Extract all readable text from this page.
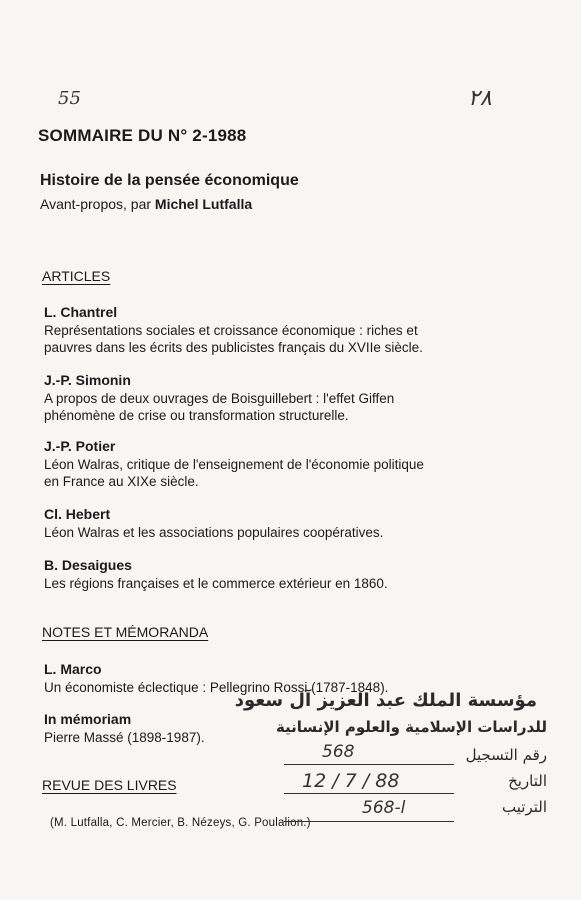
55	٢٨
SOMMAIRE DU N° 2-1988
Histoire de la pensée économique
Avant-propos, par Michel Lutfalla
ARTICLES
L. Chantrel
Représentations sociales et croissance économique : riches et
pauvres dans les écrits des publicistes français du XVIIe siècle.
J.-P. Simonin
A propos de deux ouvrages de Boisguillebert : l'effet Giffen
phénomène de crise ou transformation structurelle.
J.-P. Potier
Léon Walras, critique de l'enseignement de l'économie politique
en France au XIXe siècle.
Cl. Hebert
Léon Walras et les associations populaires coopératives.
B. Desaigues
Les régions françaises et le commerce extérieur en 1860.
NOTES ET MÉMORANDA
L. Marco
Un économiste éclectique : Pellegrino Rossi (1787-1848).
In mémoriam
Pierre Massé (1898-1987).
REVUE DES LIVRES
(M. Lutfalla, C. Mercier, B. Nézeys, G. Poulalion.)
مؤسسة الملك عبد العزيز آل سعود
للدراسات الإسلامية والعلوم الإنسانية
رقم التسجيل
568
التاريخ
12 / 7 / 88
الترتيب
568-l
